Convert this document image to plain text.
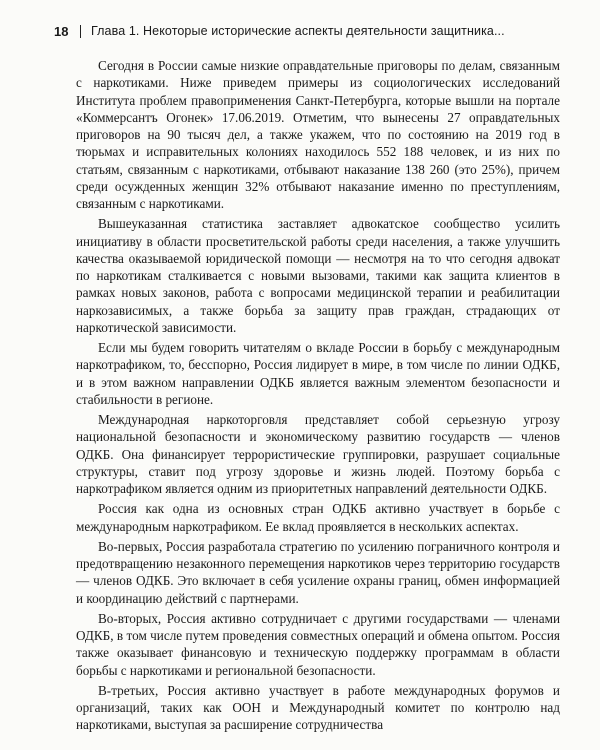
18	Глава 1. Некоторые исторические аспекты деятельности защитника...

Сегодня в России самые низкие оправдательные приговоры по делам, связанным с наркотиками. Ниже приведем примеры из социологических исследований Института проблем правоприменения Санкт-Петербурга, которые вышли на портале «Коммерсантъ Огонек» 17.06.2019. Отметим, что вынесены 27 оправдательных приговоров на 90 тысяч дел, а также укажем, что по состоянию на 2019 год в тюрьмах и исправительных колониях находилось 552 188 человек, и из них по статьям, связанным с наркотиками, отбывают наказание 138 260 (это 25%), причем среди осужденных женщин 32% отбывают наказание именно по преступлениям, связанным с наркотиками.

Вышеуказанная статистика заставляет адвокатское сообщество усилить инициативу в области просветительской работы среди населения, а также улучшить качества оказываемой юридической помощи — несмотря на то что сегодня адвокат по наркотикам сталкивается с новыми вызовами, такими как защита клиентов в рамках новых законов, работа с вопросами медицинской терапии и реабилитации наркозависимых, а также борьба за защиту прав граждан, страдающих от наркотической зависимости.

Если мы будем говорить читателям о вкладе России в борьбу с международным наркотрафиком, то, бесспорно, Россия лидирует в мире, в том числе по линии ОДКБ, и в этом важном направлении ОДКБ является важным элементом безопасности и стабильности в регионе.

Международная наркоторговля представляет собой серьезную угрозу национальной безопасности и экономическому развитию государств — членов ОДКБ. Она финансирует террористические группировки, разрушает социальные структуры, ставит под угрозу здоровье и жизнь людей. Поэтому борьба с наркотрафиком является одним из приоритетных направлений деятельности ОДКБ.

Россия как одна из основных стран ОДКБ активно участвует в борьбе с международным наркотрафиком. Ее вклад проявляется в нескольких аспектах.

Во-первых, Россия разработала стратегию по усилению пограничного контроля и предотвращению незаконного перемещения наркотиков через территорию государств — членов ОДКБ. Это включает в себя усиление охраны границ, обмен информацией и координацию действий с партнерами.

Во-вторых, Россия активно сотрудничает с другими государствами — членами ОДКБ, в том числе путем проведения совместных операций и обмена опытом. Россия также оказывает финансовую и техническую поддержку программам в области борьбы с наркотиками и региональной безопасности.

В-третьих, Россия активно участвует в работе международных форумов и организаций, таких как ООН и Международный комитет по контролю над наркотиками, выступая за расширение сотрудничества
